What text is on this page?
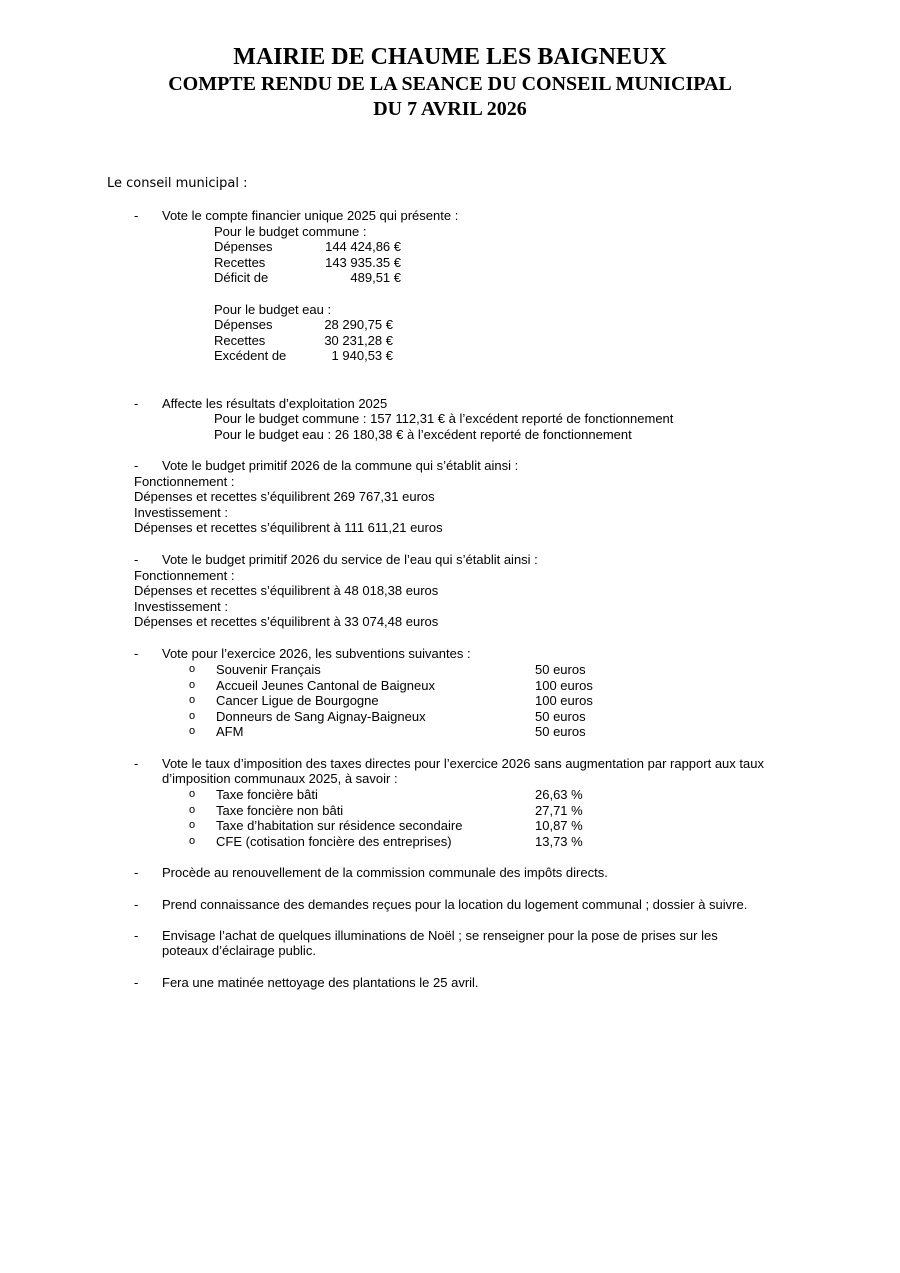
MAIRIE DE CHAUME LES BAIGNEUX
COMPTE RENDU DE LA SEANCE DU CONSEIL MUNICIPAL
DU 7 AVRIL 2026
Le conseil municipal :
-	Vote le compte financier unique 2025 qui présente :
Pour le budget commune :
Dépenses	144 424,86 €
Recettes	143 935.35 €
Déficit de	489,51 €
Pour le budget eau :
Dépenses	28 290,75 €
Recettes	30 231,28 €
Excédent de	1 940,53 €
-	Affecte les résultats d’exploitation 2025
Pour le budget commune : 157 112,31 € à l’excédent reporté de fonctionnement
Pour le budget eau : 26 180,38 € à l’excédent reporté de fonctionnement
-	Vote le budget primitif 2026 de la commune qui s’établit ainsi :
Fonctionnement :
Dépenses et recettes s’équilibrent 269 767,31 euros
Investissement :
Dépenses et recettes s’équilibrent à 111 611,21 euros
-	Vote le budget primitif 2026 du service de l’eau qui s’établit ainsi :
Fonctionnement :
Dépenses et recettes s’équilibrent à 48 018,38 euros
Investissement :
Dépenses et recettes s’équilibrent à 33 074,48 euros
-	Vote pour l’exercice 2026, les subventions suivantes :
o Souvenir Français	50 euros
o Accueil Jeunes Cantonal de Baigneux	100 euros
o Cancer Ligue de Bourgogne	100 euros
o Donneurs de Sang Aignay-Baigneux	50 euros
o AFM	50 euros
-	Vote le taux d’imposition des taxes directes pour l’exercice 2026 sans augmentation par rapport aux taux
d’imposition communaux 2025, à savoir :
o Taxe foncière bâti	26,63 %
o Taxe foncière non bâti	27,71 %
o Taxe d’habitation sur résidence secondaire	10,87 %
o CFE (cotisation foncière des entreprises)	13,73 %
-	Procède au renouvellement de la commission communale des impôts directs.
-	Prend connaissance des demandes reçues pour la location du logement communal ; dossier à suivre.
-	Envisage l’achat de quelques illuminations de Noël ; se renseigner pour la pose de prises sur les
poteaux d’éclairage public.
-	Fera une matinée nettoyage des plantations le 25 avril.
